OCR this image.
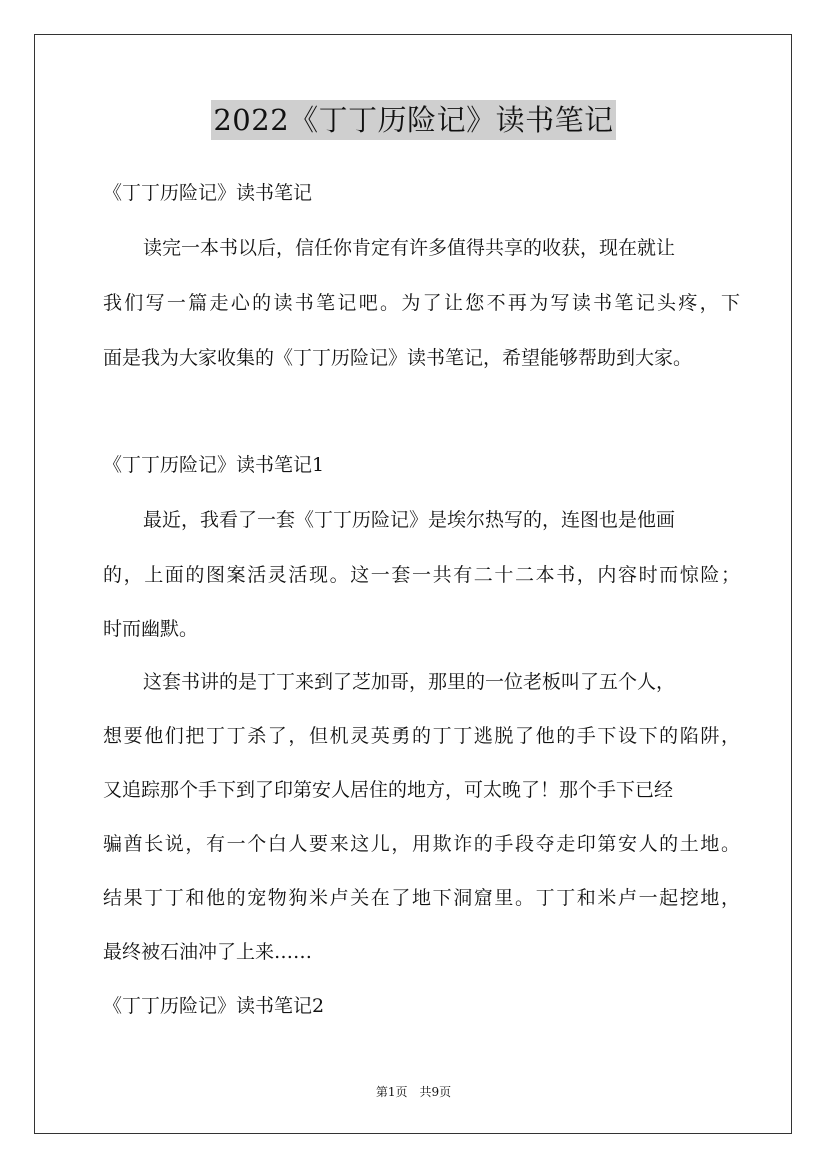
2022《丁丁历险记》读书笔记
《丁丁历险记》读书笔记
读完一本书以后，信任你肯定有许多值得共享的收获，现在就让
我们写一篇走心的读书笔记吧。为了让您不再为写读书笔记头疼，下
面是我为大家收集的《丁丁历险记》读书笔记，希望能够帮助到大家。
《丁丁历险记》读书笔记1
最近，我看了一套《丁丁历险记》是埃尔热写的，连图也是他画
的，上面的图案活灵活现。这一套一共有二十二本书，内容时而惊险；
时而幽默。
这套书讲的是丁丁来到了芝加哥，那里的一位老板叫了五个人，
想要他们把丁丁杀了，但机灵英勇的丁丁逃脱了他的手下设下的陷阱，
又追踪那个手下到了印第安人居住的地方，可太晚了！那个手下已经
骗酋长说，有一个白人要来这儿，用欺诈的手段夺走印第安人的土地。
结果丁丁和他的宠物狗米卢关在了地下洞窟里。丁丁和米卢一起挖地，
最终被石油冲了上来……
《丁丁历险记》读书笔记2
第1页　共9页
